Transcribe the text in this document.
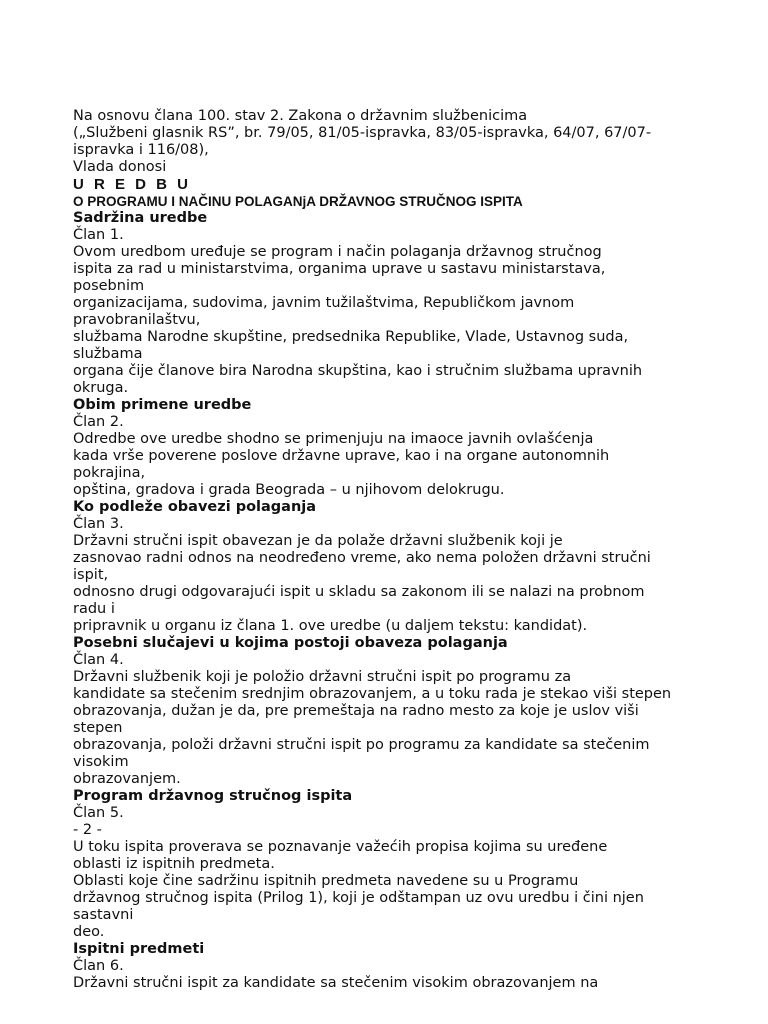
Na osnovu člana 100. stav 2. Zakona o državnim službenicima
(„Službeni glasnik RS”, br. 79/05, 81/05-ispravka, 83/05-ispravka, 64/07, 67/07-
ispravka i 116/08),
Vlada donosi
U R E D B U
O PROGRAMU I NAČINU POLAGANjA DRŽAVNOG STRUČNOG ISPITA
Sadržina uredbe
Član 1.
Ovom uredbom uređuje se program i način polaganja državnog stručnog
ispita za rad u ministarstvima, organima uprave u sastavu ministarstava,
posebnim
organizacijama, sudovima, javnim tužilaštvima, Republičkom javnom
pravobranilaštvu,
službama Narodne skupštine, predsednika Republike, Vlade, Ustavnog suda,
službama
organa čije članove bira Narodna skupština, kao i stručnim službama upravnih
okruga.
Obim primene uredbe
Član 2.
Odredbe ove uredbe shodno se primenjuju na imaoce javnih ovlašćenja
kada vrše poverene poslove državne uprave, kao i na organe autonomnih
pokrajina,
opština, gradova i grada Beograda – u njihovom delokrugu.
Ko podleže obavezi polaganja
Član 3.
Državni stručni ispit obavezan je da polaže državni službenik koji je
zasnovao radni odnos na neodređeno vreme, ako nema položen državni stručni
ispit,
odnosno drugi odgovarajući ispit u skladu sa zakonom ili se nalazi na probnom
radu i
pripravnik u organu iz člana 1. ove uredbe (u daljem tekstu: kandidat).
Posebni slučajevi u kojima postoji obaveza polaganja
Član 4.
Državni službenik koji je položio državni stručni ispit po programu za
kandidate sa stečenim srednjim obrazovanjem, a u toku rada je stekao viši stepen
obrazovanja, dužan je da, pre premeštaja na radno mesto za koje je uslov viši
stepen
obrazovanja, položi državni stručni ispit po programu za kandidate sa stečenim
visokim
obrazovanjem.
Program državnog stručnog ispita
Član 5.
- 2 -
U toku ispita proverava se poznavanje važećih propisa kojima su uređene
oblasti iz ispitnih predmeta.
Oblasti koje čine sadržinu ispitnih predmeta navedene su u Programu
državnog stručnog ispita (Prilog 1), koji je odštampan uz ovu uredbu i čini njen
sastavni
deo.
Ispitni predmeti
Član 6.
Državni stručni ispit za kandidate sa stečenim visokim obrazovanjem na
